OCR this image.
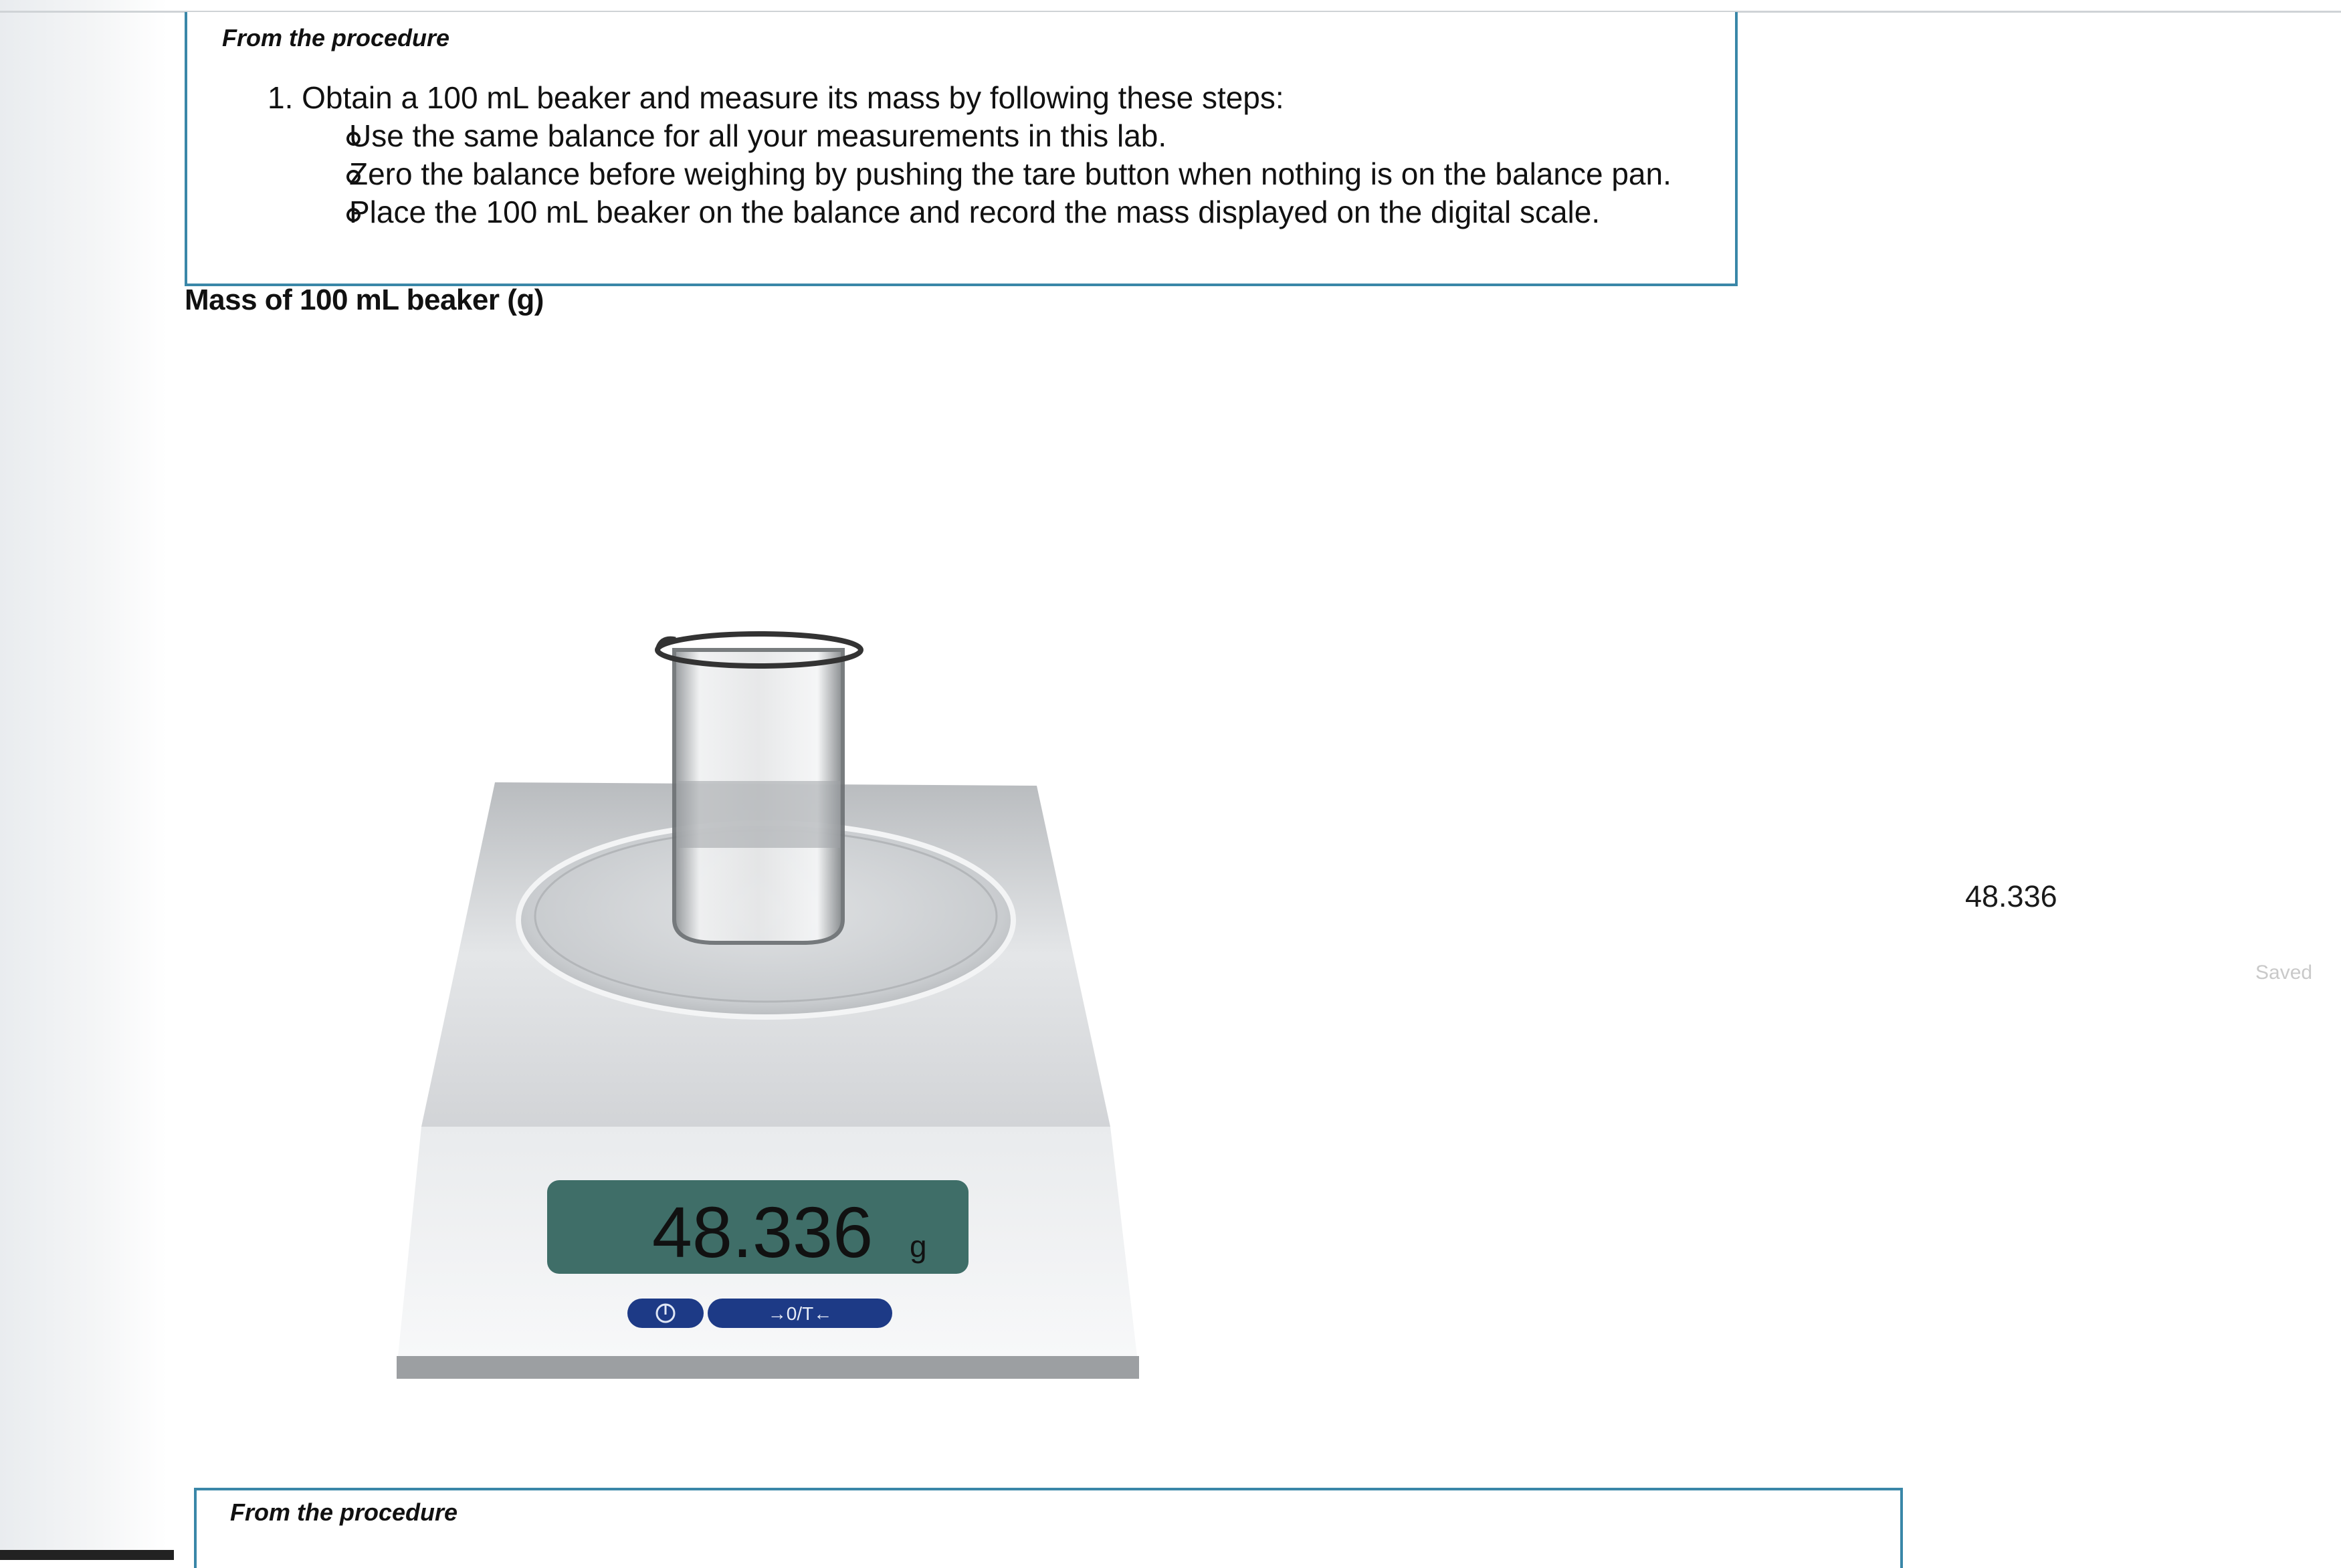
From the procedure
1. Obtain a 100 mL beaker and measure its mass by following these steps:
Use the same balance for all your measurements in this lab.
Zero the balance before weighing by pushing the tare button when nothing is on the balance pan.
Place the 100 mL beaker on the balance and record the mass displayed on the digital scale.
Mass of 100 mL beaker (g)
48.336 g
→0/T←
48.336
Saved
From the procedure
